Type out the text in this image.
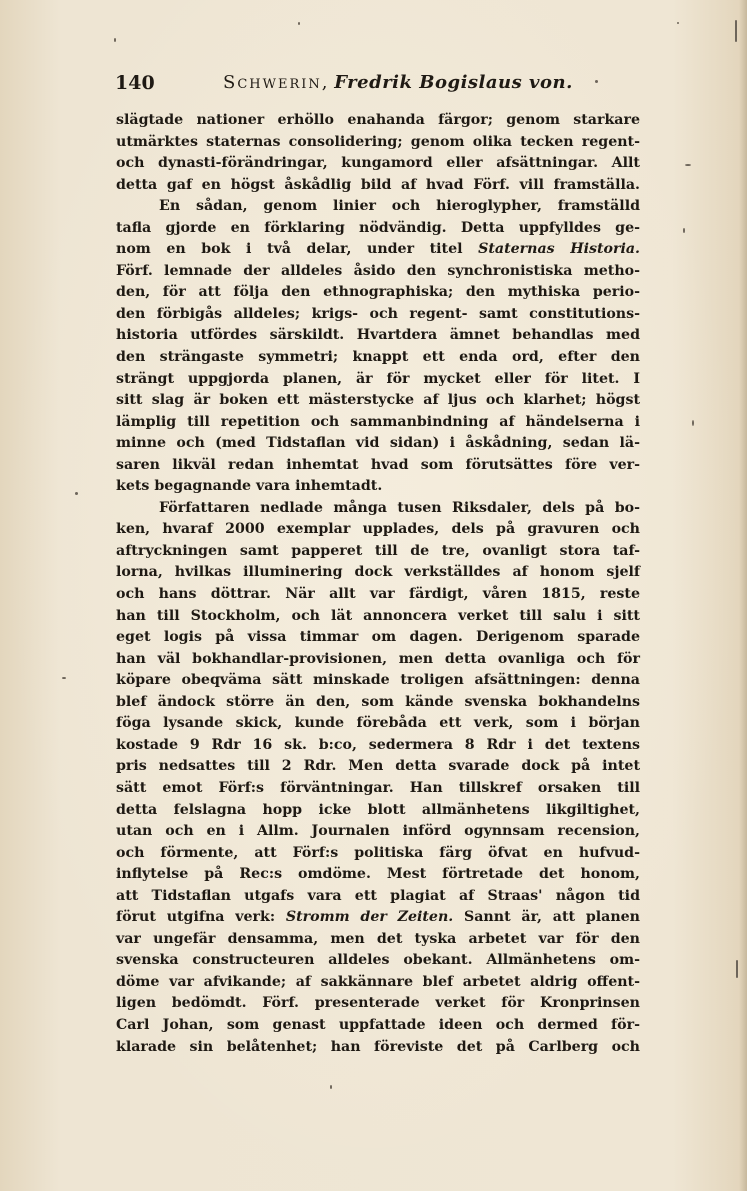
140	Schwerin, Fredrik Bogislaus von.
slägtade nationer erhöllo enahanda färgor; genom starkare
utmärktes staternas consolidering; genom olika tecken regent-
och dynasti-förändringar, kungamord eller afsättningar. Allt
detta gaf en högst åskådlig bild af hvad Förf. vill framställa.
En sådan, genom linier och hieroglypher, framställd
tafla gjorde en förklaring nödvändig. Detta uppfylldes ge-
nom en bok i två delar, under titel Staternas Historia.
Förf. lemnade der alldeles åsido den synchronistiska metho-
den, för att följa den ethnographiska; den mythiska perio-
den förbigås alldeles; krigs- och regent- samt constitutions-
historia utfördes särskildt. Hvartdera ämnet behandlas med
den strängaste symmetri; knappt ett enda ord, efter den
strängt uppgjorda planen, är för mycket eller för litet. I
sitt slag är boken ett mästerstycke af ljus och klarhet; högst
lämplig till repetition och sammanbindning af händelserna i
minne och (med Tidstaflan vid sidan) i åskådning, sedan lä-
saren likväl redan inhemtat hvad som förutsättes före ver-
kets begagnande vara inhemtadt.
Författaren nedlade många tusen Riksdaler, dels på bo-
ken, hvaraf 2000 exemplar upplades, dels på gravuren och
aftryckningen samt papperet till de tre, ovanligt stora taf-
lorna, hvilkas illuminering dock verkställdes af honom sjelf
och hans döttrar. När allt var färdigt, våren 1815, reste
han till Stockholm, och lät annoncera verket till salu i sitt
eget logis på vissa timmar om dagen. Derigenom sparade
han väl bokhandlar-provisionen, men detta ovanliga och för
köpare obeqväma sätt minskade troligen afsättningen: denna
blef ändock större än den, som kände svenska bokhandelns
föga lysande skick, kunde förebåda ett verk, som i början
kostade 9 Rdr 16 sk. b:co, sedermera 8 Rdr i det textens
pris nedsattes till 2 Rdr. Men detta svarade dock på intet
sätt emot Förf:s förväntningar. Han tillskref orsaken till
detta felslagna hopp icke blott allmänhetens likgiltighet,
utan och en i Allm. Journalen införd ogynnsam recension,
och förmente, att Förf:s politiska färg öfvat en hufvud-
inflytelse på Rec:s omdöme. Mest förtretade det honom,
att Tidstaflan utgafs vara ett plagiat af Straas' någon tid
förut utgifna verk: Stromm der Zeiten. Sannt är, att planen
var ungefär densamma, men det tyska arbetet var för den
svenska constructeuren alldeles obekant. Allmänhetens om-
döme var afvikande; af sakkännare blef arbetet aldrig offent-
ligen bedömdt. Förf. presenterade verket för Kronprinsen
Carl Johan, som genast uppfattade ideen och dermed för-
klarade sin belåtenhet; han föreviste det på Carlberg och
